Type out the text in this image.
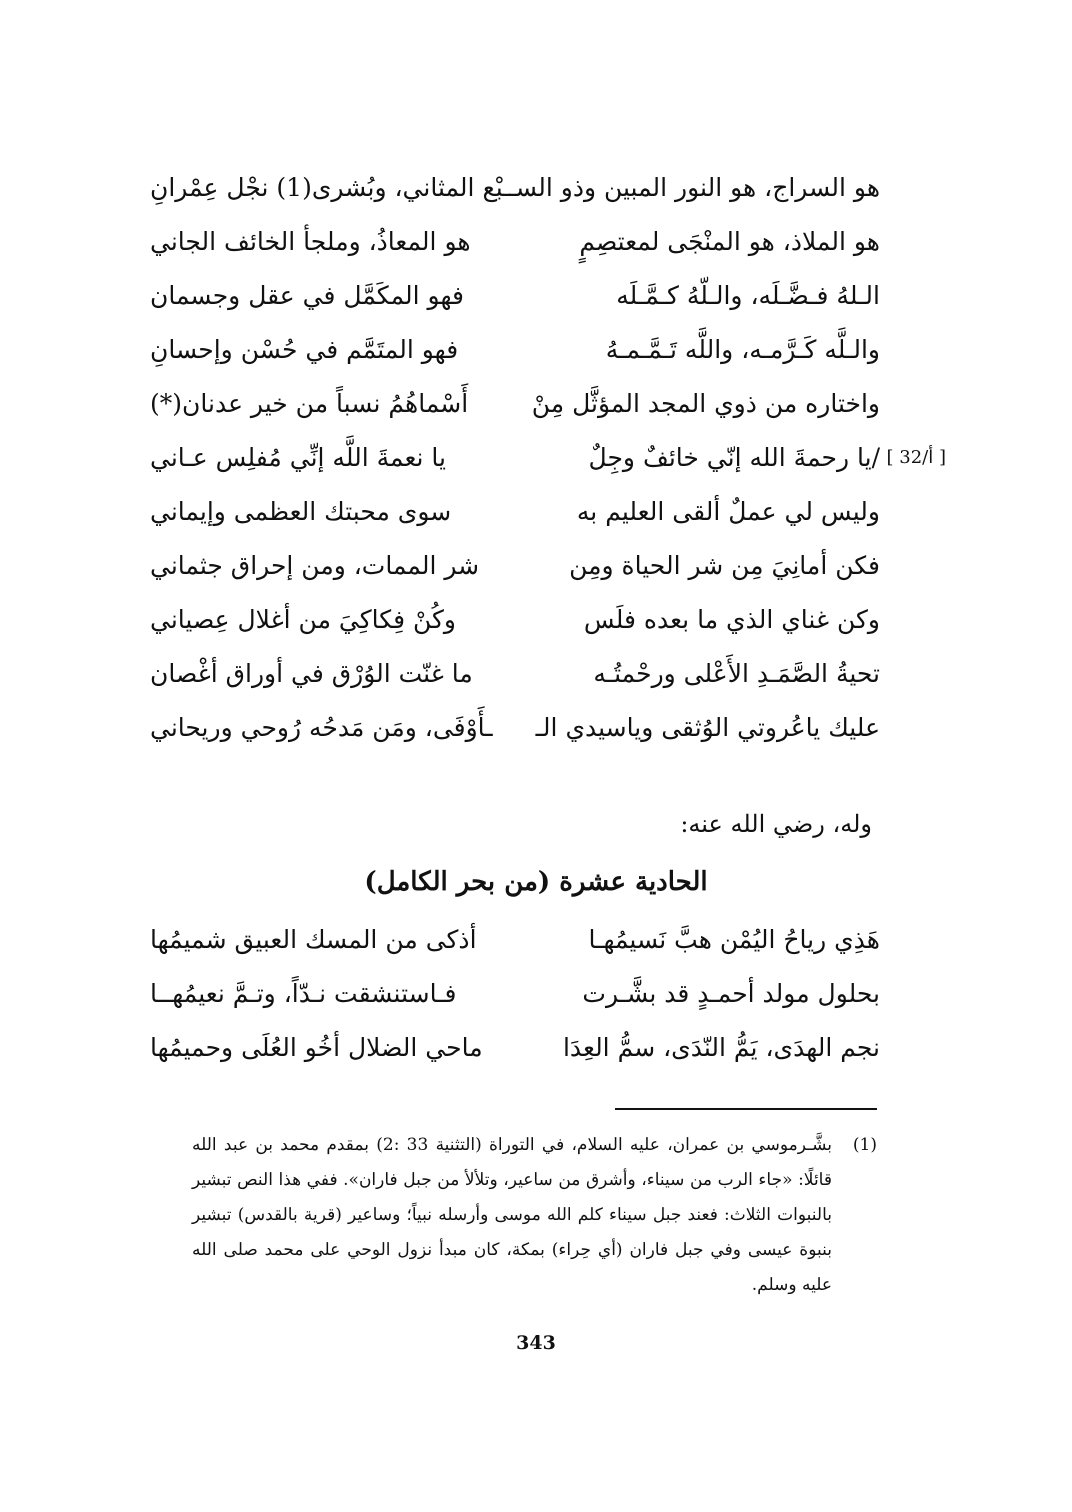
هو السراج، هو النور المبين وذو السـ
ـبْع المثاني، وبُشرى(1) نجْل عِمْرانِ
هو الملاذ، هو المنْجَى لمعتصِمٍ
هو المعاذُ، وملجأ الخائف الجاني
الـلهُ فـضَّـلَه، والـلّهُ كـمَّـلَه
فهو المكَمَّل في عقل وجسمان
والـلَّه كَـرَّمـه، واللَّه تَـمَّـمـهُ
فهو المتَمَّم في حُسْن وإحسانِ
واختاره من ذوي المجد المؤثَّل مِنْ
أَسْماهُمُ نسباً من خير عدنان(*)
[ 32/أ ]
/يا رحمةَ الله إنّي خائفٌ وجِلٌ
يا نعمةَ اللَّه إنِّي مُفلِس عـاني
وليس لي عملٌ ألقى العليم به
سوى محبتك العظمى وإيماني
فكن أمانِيَ مِن شر الحياة ومِن
شر الممات، ومن إحراق جثماني
وكن غناي الذي ما بعده فلَس
وكُنْ فِكاكِيَ من أغلال عِصياني
تحيةُ الصَّمَـدِ الأَعْلى ورحْمتُـه
ما غنّت الوُرْق في أوراق أغْصان
عليك ياعُروتي الوُثقى وياسيدي الـ
ـأَوْفَى، ومَن مَدحُه رُوحي وريحاني
وله، رضي الله عنه:
الحادية عشرة (من بحر الكامل)
هَذِي رياحُ اليُمْن هبَّ نَسيمُهـا
أذكى من المسك العبيق شميمُها
بحلول مولد أحمـدٍ قد بشَّـرت
فـاستنشقت نـدّاً، وتـمَّ نعيمُهــا
نجم الهدَى، يَمُّ النّدَى، سمُّ العِدَا
ماحي الضلال أخُو العُلَى وحميمُها
(1)
بشَّـرموسي بن عمران، عليه السلام، في التوراة (التثنية 33 :2) بمقدم محمد بن عبد الله قائلًا: «جاء الرب من سيناء، وأشرق من ساعير، وتلألأ من جبل فاران». ففي هذا النص تبشير بالنبوات الثلاث: فعند جبل سيناء كلم الله موسى وأرسله نبياً؛ وساعير (قرية بالقدس) تبشير بنبوة عيسى وفي جبل فاران (أي حِراء) بمكة، كان مبدأ نزول الوحي على محمد صلى الله عليه وسلم.
343
